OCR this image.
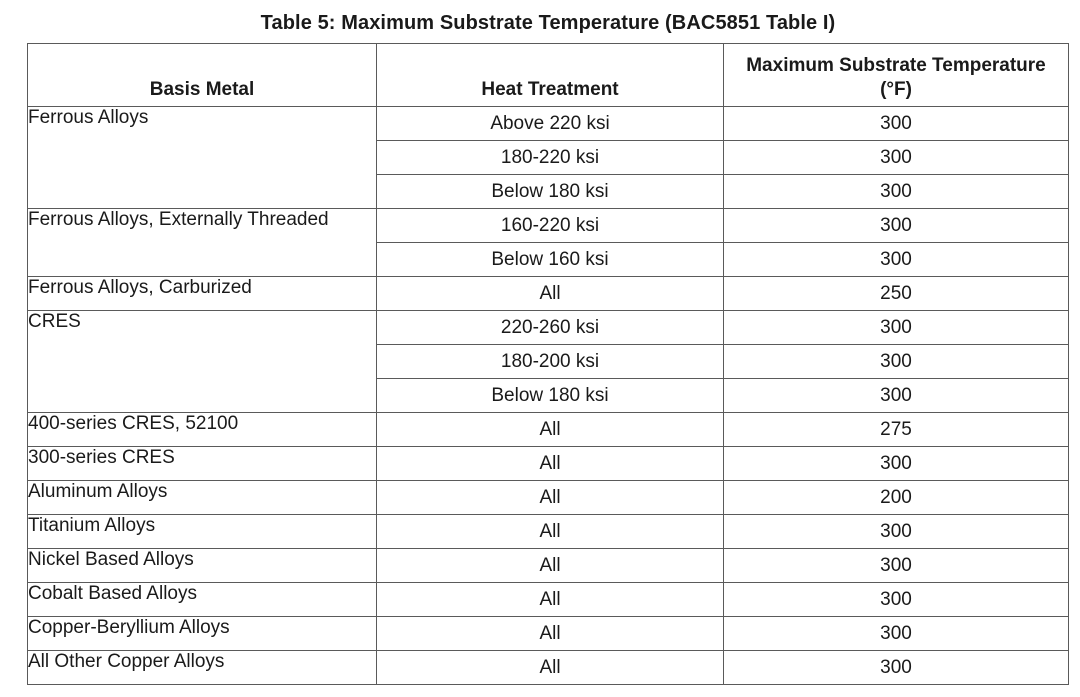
Table 5: Maximum Substrate Temperature (BAC5851 Table I)
Basis Metal	Heat Treatment	Maximum Substrate Temperature
(°F)
Ferrous Alloys	Above 220 ksi	300
	180-220 ksi	300
	Below 180 ksi	300
Ferrous Alloys, Externally Threaded	160-220 ksi	300
	Below 160 ksi	300
Ferrous Alloys, Carburized	All	250
CRES	220-260 ksi	300
	180-200 ksi	300
	Below 180 ksi	300
400-series CRES, 52100	All	275
300-series CRES	All	300
Aluminum Alloys	All	200
Titanium Alloys	All	300
Nickel Based Alloys	All	300
Cobalt Based Alloys	All	300
Copper-Beryllium Alloys	All	300
All Other Copper Alloys	All	300
